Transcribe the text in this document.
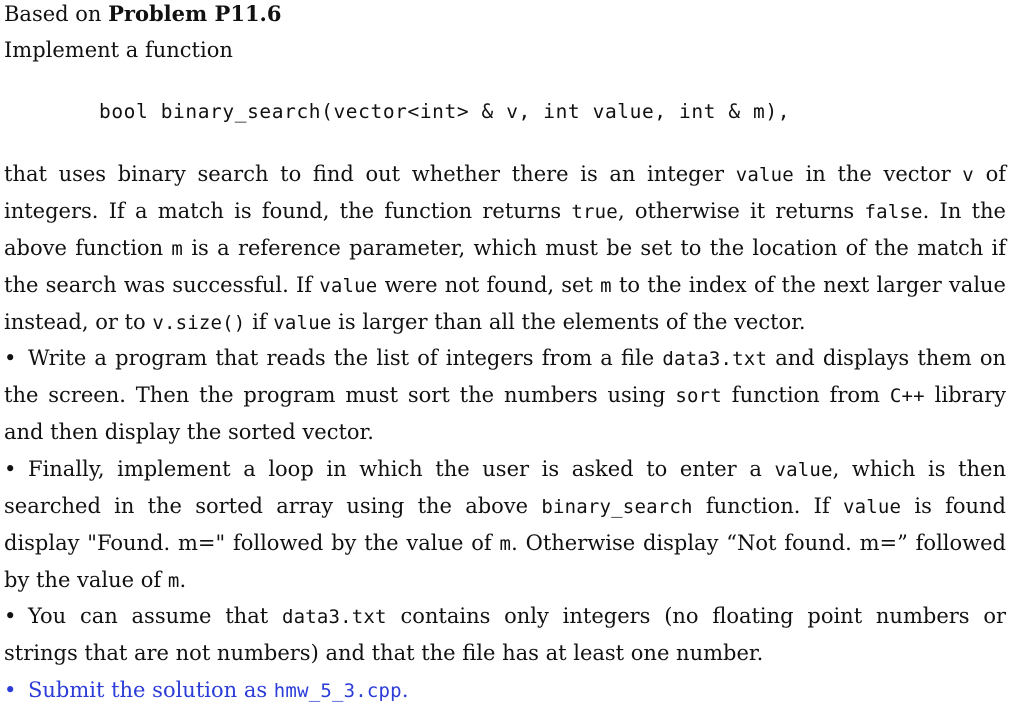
Based on Problem P11.6
Implement a function
bool binary_search(vector<int> & v, int value, int & m),
that uses binary search to find out whether there is an integer value in the vector v of
integers. If a match is found, the function returns true, otherwise it returns false. In the
above function m is a reference parameter, which must be set to the location of the match if
the search was successful. If value were not found, set m to the index of the next larger value
instead, or to v.size() if value is larger than all the elements of the vector.
• Write a program that reads the list of integers from a file data3.txt and displays them on
the screen. Then the program must sort the numbers using sort function from C++ library
and then display the sorted vector.
• Finally, implement a loop in which the user is asked to enter a value, which is then
searched in the sorted array using the above binary_search function. If value is found
display "Found. m=" followed by the value of m. Otherwise display “Not found. m=” followed
by the value of m.
• You can assume that data3.txt contains only integers (no floating point numbers or
strings that are not numbers) and that the file has at least one number.
• Submit the solution as hmw_5_3.cpp.
